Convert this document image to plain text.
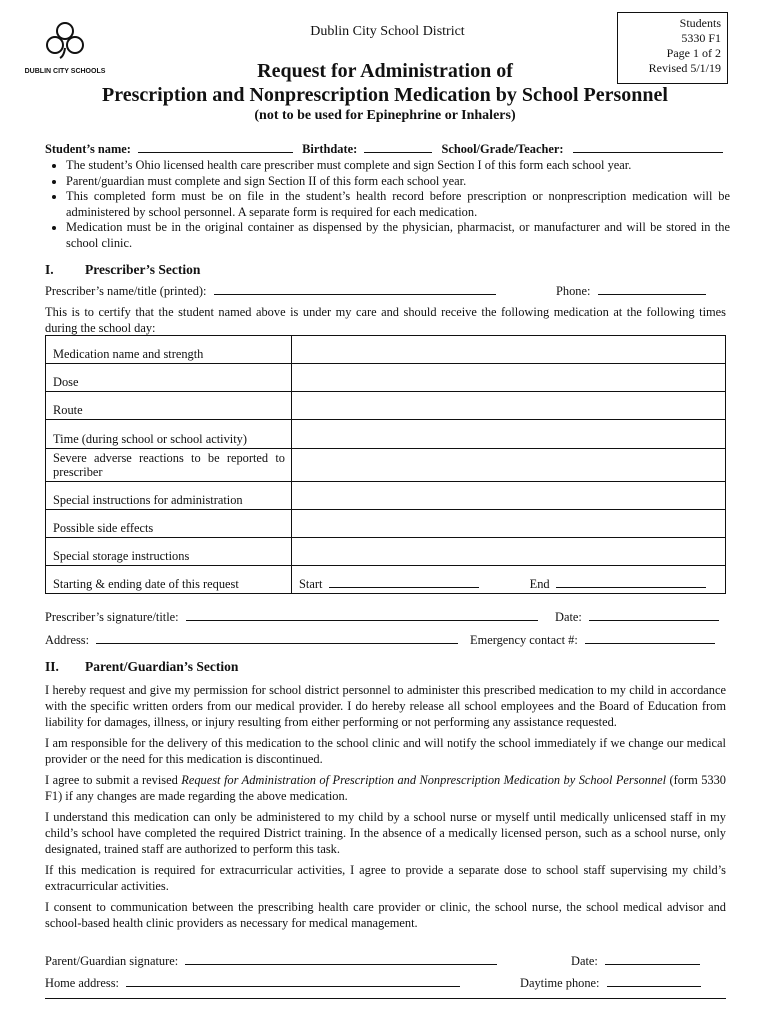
DUBLIN CITY SCHOOLS
Dublin City School District
Students
5330 F1
Page 1 of 2
Revised 5/1/19
Request for Administration of
Prescription and Nonprescription Medication by School Personnel
(not to be used for Epinephrine or Inhalers)
Student’s name:	Birthdate:	School/Grade/Teacher:
• The student’s Ohio licensed health care prescriber must complete and sign Section I of this form each school year.
• Parent/guardian must complete and sign Section II of this form each school year.
• This completed form must be on file in the student’s health record before prescription or nonprescription medication will be administered by school personnel. A separate form is required for each medication.
• Medication must be in the original container as dispensed by the physician, pharmacist, or manufacturer and will be stored in the school clinic.
I. Prescriber’s Section
Prescriber’s name/title (printed):	Phone:
This is to certify that the student named above is under my care and should receive the following medication at the following times during the school day:
Medication name and strength	
Dose	
Route	
Time (during school or school activity)	
Severe adverse reactions to be reported to prescriber	
Special instructions for administration	
Possible side effects	
Special storage instructions	
Starting & ending date of this request	Start End
Prescriber’s signature/title:	Date:
Address:	Emergency contact #:
II. Parent/Guardian’s Section
I hereby request and give my permission for school district personnel to administer this prescribed medication to my child in accordance with the specific written orders from our medical provider. I do hereby release all school employees and the Board of Education from liability for damages, illness, or injury resulting from either performing or not performing any assistance requested.
I am responsible for the delivery of this medication to the school clinic and will notify the school immediately if we change our medical provider or the need for this medication is discontinued.
I agree to submit a revised Request for Administration of Prescription and Nonprescription Medication by School Personnel (form 5330 F1) if any changes are made regarding the above medication.
I understand this medication can only be administered to my child by a school nurse or myself until medically unlicensed staff in my child’s school have completed the required District training. In the absence of a medically licensed person, such as a school nurse, only designated, trained staff are authorized to perform this task.
If this medication is required for extracurricular activities, I agree to provide a separate dose to school staff supervising my child’s extracurricular activities.
I consent to communication between the prescribing health care provider or clinic, the school nurse, the school medical advisor and school-based health clinic providers as necessary for medical management.
Parent/Guardian signature:	Date:
Home address:	Daytime phone:
